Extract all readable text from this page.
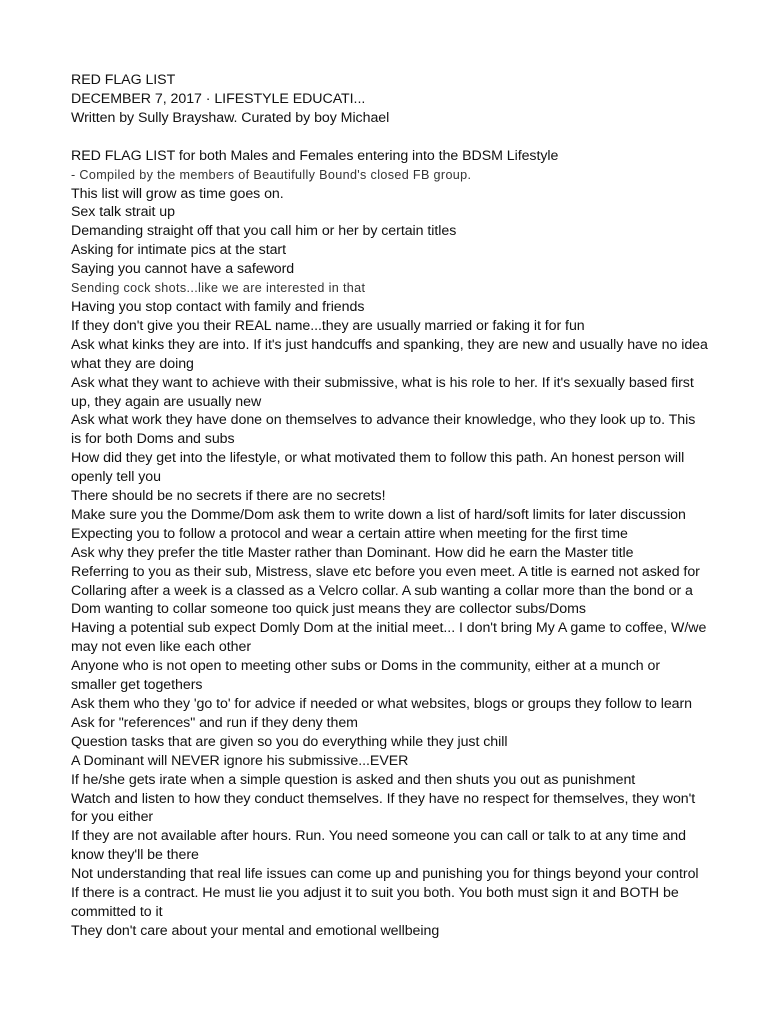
RED FLAG LIST
DECEMBER 7, 2017 · LIFESTYLE EDUCATI...
Written by Sully Brayshaw. Curated by boy Michael
RED FLAG LIST for both Males and Females entering into the BDSM Lifestyle
- Compiled by the members of Beautifully Bound's closed FB group.
This list will grow as time goes on.
Sex talk strait up
Demanding straight off that you call him or her by certain titles
Asking for intimate pics at the start
Saying you cannot have a safeword
Sending cock shots...like we are interested in that
Having you stop contact with family and friends
If they don't give you their REAL name...they are usually married or faking it for fun
Ask what kinks they are into. If it's just handcuffs and spanking, they are new and usually have no idea
what they are doing
Ask what they want to achieve with their submissive, what is his role to her. If it's sexually based first
up, they again are usually new
Ask what work they have done on themselves to advance their knowledge, who they look up to. This
is for both Doms and subs
How did they get into the lifestyle, or what motivated them to follow this path. An honest person will
openly tell you
There should be no secrets if there are no secrets!
Make sure you the Domme/Dom ask them to write down a list of hard/soft limits for later discussion
Expecting you to follow a protocol and wear a certain attire when meeting for the first time
Ask why they prefer the title Master rather than Dominant. How did he earn the Master title
Referring to you as their sub, Mistress, slave etc before you even meet. A title is earned not asked for
Collaring after a week is a classed as a Velcro collar. A sub wanting a collar more than the bond or a
Dom wanting to collar someone too quick just means they are collector subs/Doms
Having a potential sub expect Domly Dom at the initial meet... I don't bring My A game to coffee, W/we
may not even like each other
Anyone who is not open to meeting other subs or Doms in the community, either at a munch or
smaller get togethers
Ask them who they 'go to' for advice if needed or what websites, blogs or groups they follow to learn
Ask for "references" and run if they deny them
Question tasks that are given so you do everything while they just chill
A Dominant will NEVER ignore his submissive...EVER
If he/she gets irate when a simple question is asked and then shuts you out as punishment
Watch and listen to how they conduct themselves. If they have no respect for themselves, they won't
for you either
If they are not available after hours. Run. You need someone you can call or talk to at any time and
know they'll be there
Not understanding that real life issues can come up and punishing you for things beyond your control
If there is a contract. He must lie you adjust it to suit you both. You both must sign it and BOTH be
committed to it
They don't care about your mental and emotional wellbeing
